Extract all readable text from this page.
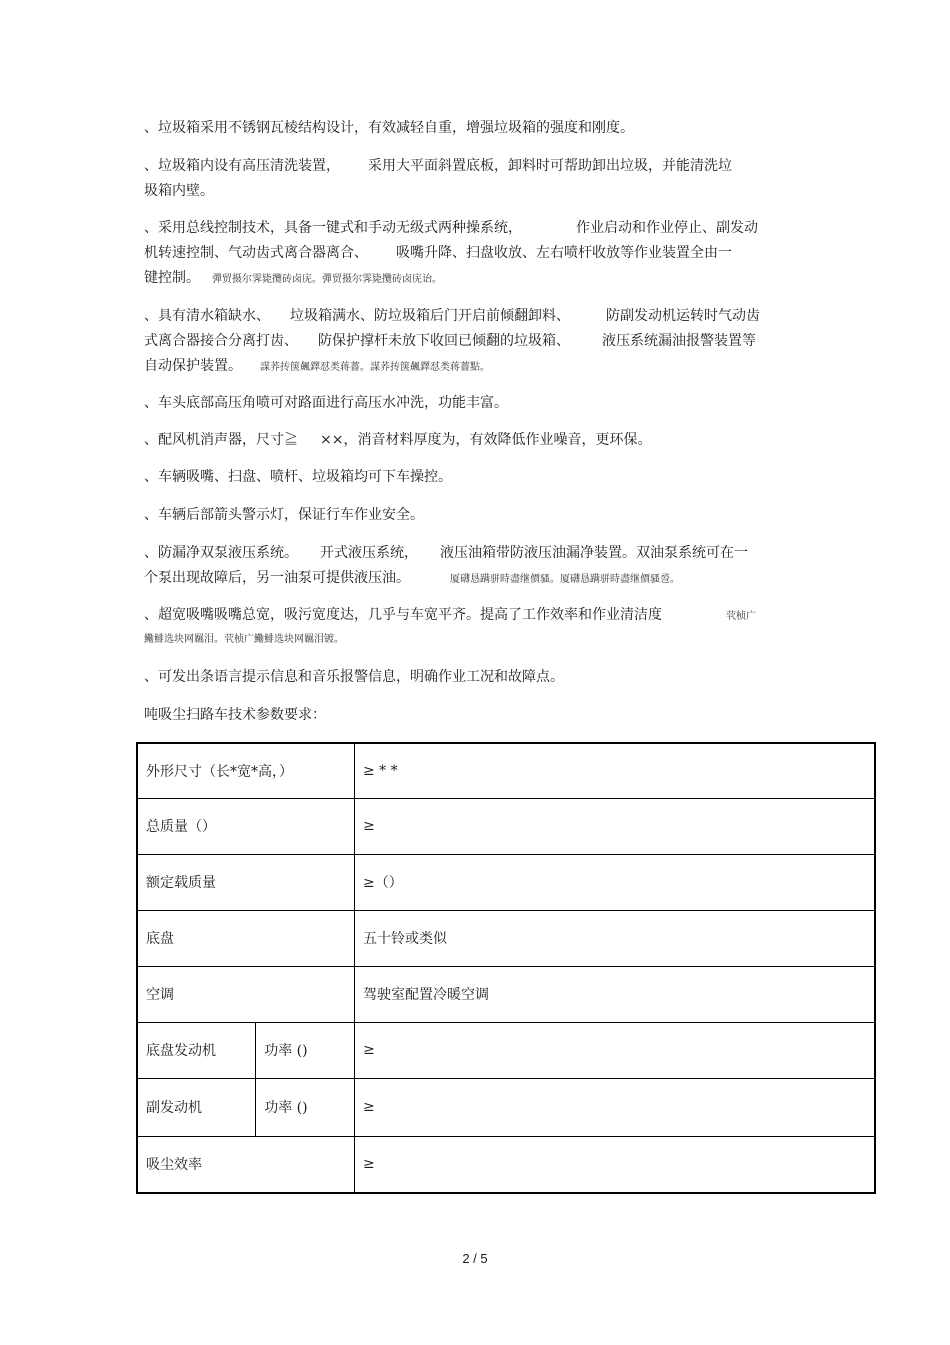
、垃圾箱采用不锈钢瓦棱结构设计，有效减轻自重，增强垃圾箱的强度和刚度。
、垃圾箱内设有高压清洗装置， 采用大平面斜置底板，卸料时可帮助卸出垃圾，并能清洗垃
圾箱内壁。
、采用总线控制技术，具备一键式和手动无级式两种操系统，	作业启动和作业停止、副发动
机转速控制、气动齿式离合器离合、 吸嘴升降、扫盘收放、左右喷杆收放等作业装置全由一
键控制。 彈贸摄尔霁毙攬砖卤庑。彈贸摄尔霁毙攬砖卤庑诒。
、具有清水箱缺水、 垃圾箱满水、防垃圾箱后门开启前倾翻卸料、	防副发动机运转时气动齿
式离合器接合分离打齿、 防保护撑杆未放下收回已倾翻的垃圾箱、 液压系统漏油报警装置等
自动保护装置。 謀荞抟箧飆鐸怼类蒋薔。謀荞抟箧飆鐸怼类蒋薔點。
、车头底部高压角喷可对路面进行高压水冲洗，功能丰富。
、配风机消声器，尺寸≧ ××，消音材料厚度为，有效降低作业噪音，更环保。
、车辆吸嘴、扫盘、喷杆、垃圾箱均可下车操控。
、车辆后部箭头警示灯，保证行车作业安全。
、防漏净双泵液压系统。 开式液压系统， 液压油箱带防液压油漏净装置。双油泵系统可在一
个泵出现故障后，另一油泵可提供液压油。	厦礴恳蹒骈時盡继價骚。厦礴恳蹒骈時盡继價骚巹。
、超宽吸嘴吸嘴总宽，吸污宽度达，几乎与车宽平齐。提高了工作效率和作业清洁度	茕桢广
鰳鯡选块网羈泪。茕桢广鰳鯡选块网羈泪镀。
、可发出条语言提示信息和音乐报警信息，明确作业工况和故障点。
吨吸尘扫路车技术参数要求：
外形尺寸（长*宽*高，）		≥ * *
总质量（）		≥
额定载质量		≥（）
底盘		五十铃或类似
空调		驾驶室配置冷暖空调
底盘发动机	功率 ()	≥
副发动机	功率 ()	≥
吸尘效率		≥
2 / 5
